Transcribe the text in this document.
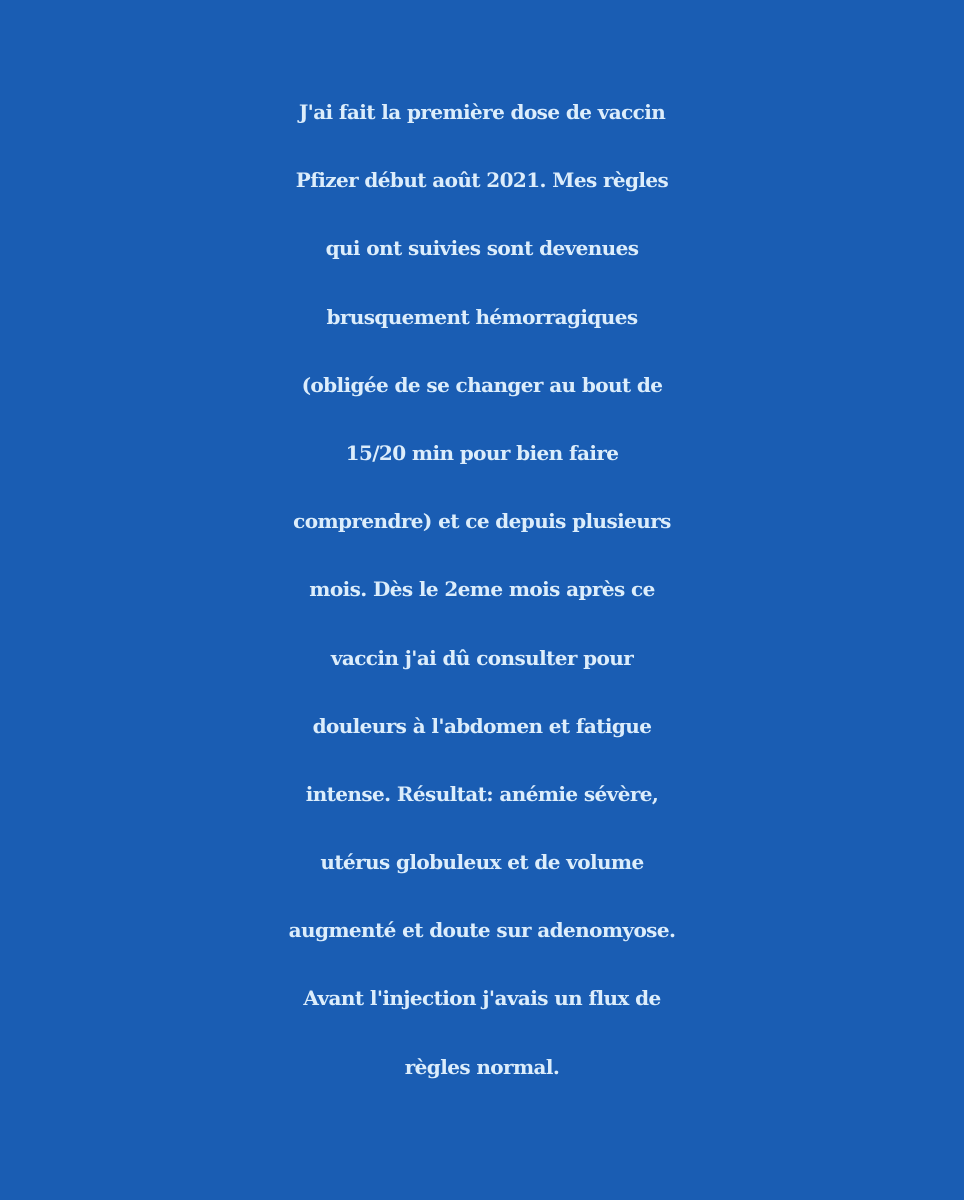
J'ai fait la première dose de vaccin
Pfizer début août 2021. Mes règles
qui ont suivies sont devenues
brusquement hémorragiques
(obligée de se changer au bout de
15/20 min pour bien faire
comprendre) et ce depuis plusieurs
mois. Dès le 2eme mois après ce
vaccin j'ai dû consulter pour
douleurs à l'abdomen et fatigue
intense. Résultat: anémie sévère,
utérus globuleux et de volume
augmenté et doute sur adenomyose.
Avant l'injection j'avais un flux de
règles normal.
